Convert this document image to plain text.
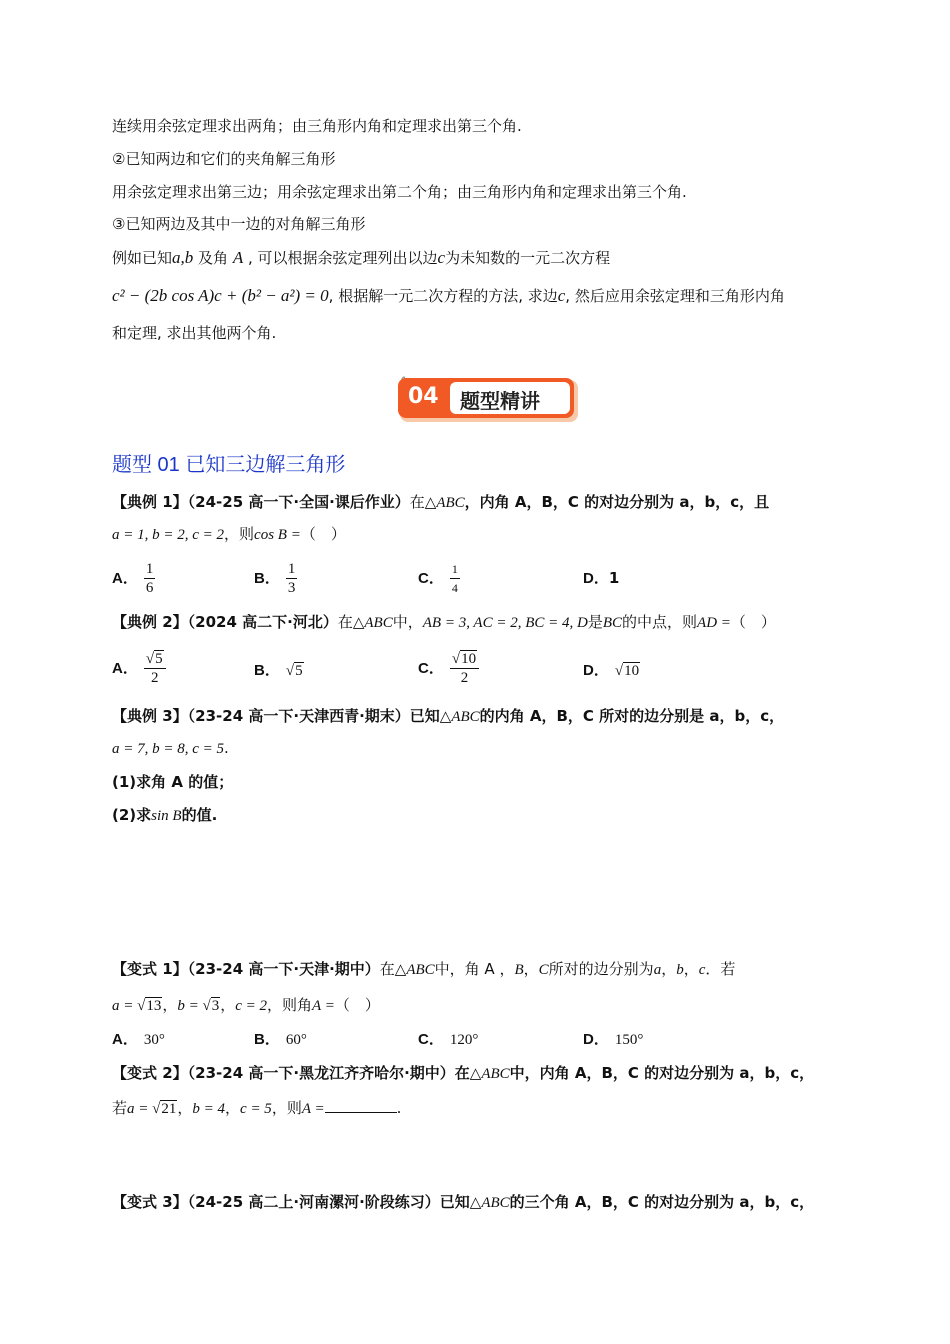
连续用余弦定理求出两角；由三角形内角和定理求出第三个角.
②已知两边和它们的夹角解三角形
用余弦定理求出第三边；用余弦定理求出第二个角；由三角形内角和定理求出第三个角.
③已知两边及其中一边的对角解三角形
例如已知a,b 及角 A , 可以根据余弦定理列出以边c为未知数的一元二次方程
c² − (2b cos A)c + (b² − a²) = 0, 根据解一元二次方程的方法, 求边c, 然后应用余弦定理和三角形内角
和定理, 求出其他两个角.
04 题型精讲
题型 01 已知三边解三角形
【典例 1】（24-25 高一下·全国·课后作业）在△ABC，内角 A，B，C 的对边分别为 a，b，c，且
a = 1, b = 2, c = 2，则cos B =（　）
A． $\frac{1}{6}$	B． $\frac{1}{3}$	C． $\frac{1}{4}$	D．1
【典例 2】（2024 高二下·河北）在△ABC中，AB = 3, AC = 2, BC = 4, D是BC的中点，则AD =（　）
A． $\frac{√5}{2}$	B． √5	C． $\frac{√10}{2}$	D． √10
【典例 3】（23-24 高一下·天津西青·期末）已知△ABC的内角 A，B，C 所对的边分别是 a，b，c，
a = 7, b = 8, c = 5.
(1)求角 A 的值；
(2)求sin B的值.
【变式 1】（23-24 高一下·天津·期中）在△ABC中，角 A ，B，C所对的边分别为a，b，c．若
a = √13，b = √3，c = 2，则角A =（　）
A． 30°	B． 60°	C． 120°	D． 150°
【变式 2】（23-24 高一下·黑龙江齐齐哈尔·期中）在△ABC中，内角 A，B，C 的对边分别为 a，b，c，
若a = √21，b = 4，c = 5，则A =	.
【变式 3】（24-25 高二上·河南漯河·阶段练习）已知△ABC的三个角 A，B，C 的对边分别为 a，b，c，
